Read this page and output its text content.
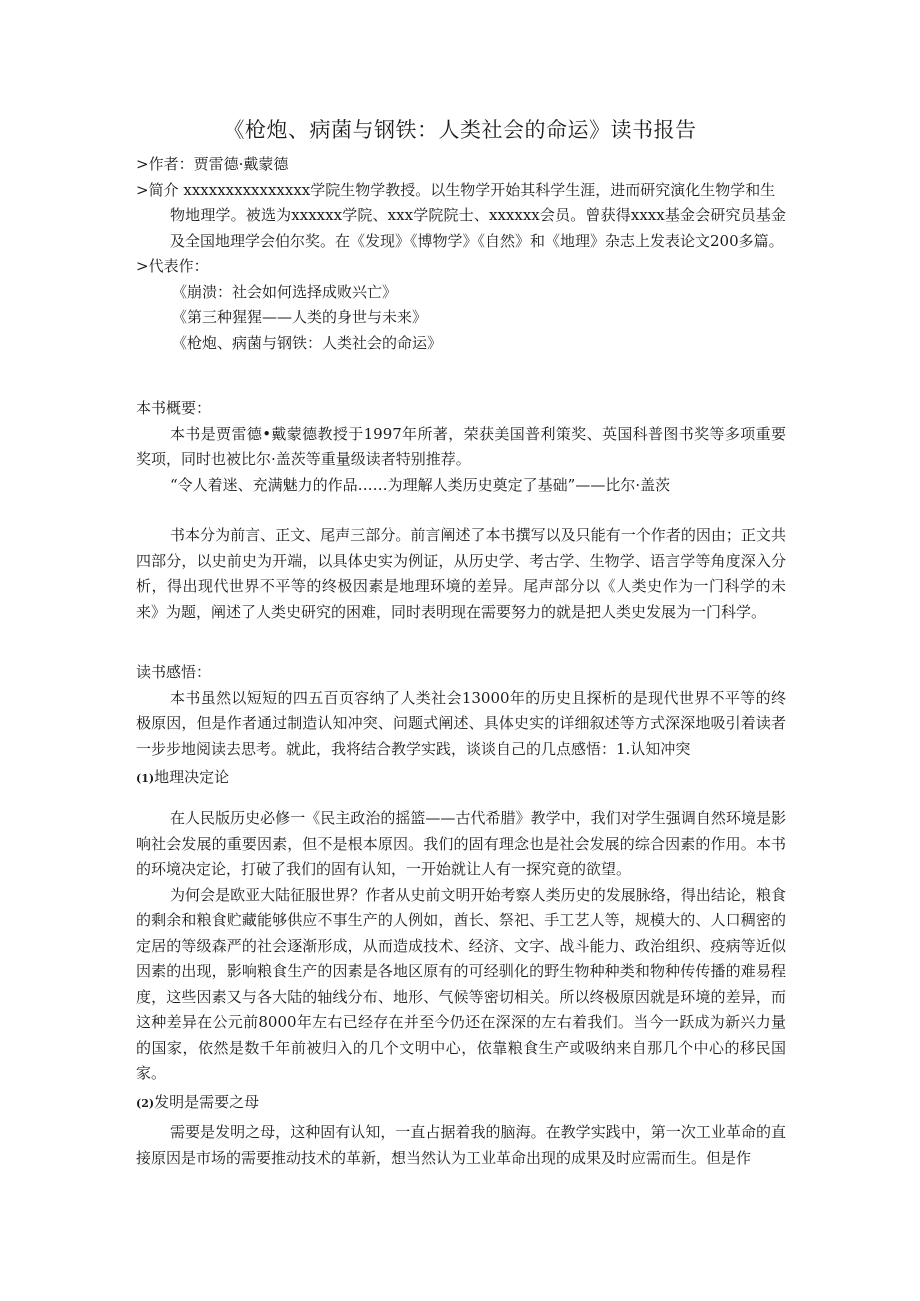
《枪炮、病菌与钢铁：人类社会的命运》读书报告
>作者：贾雷德·戴蒙德
>简介 xxxxxxxxxxxxxxx学院生物学教授。以生物学开始其科学生涯，进而研究演化生物学和生
物地理学。被选为xxxxxx学院、xxx学院院士、xxxxxx会员。曾获得xxxx基金会研究员基金及全国地理学会伯尔奖。在《发现》《博物学》《自然》和《地理》杂志上发表论文200多篇。
>代表作：
《崩溃：社会如何选择成败兴亡》
《第三种猩猩——人类的身世与未来》
《枪炮、病菌与钢铁：人类社会的命运》

本书概要：

本书是贾雷德•戴蒙德教授于1997年所著，荣获美国普利策奖、英国科普图书奖等多项重要奖项，同时也被比尔·盖茨等重量级读者特别推荐。

“令人着迷、充满魅力的作品……为理解人类历史奠定了基础”——比尔·盖茨

书本分为前言、正文、尾声三部分。前言阐述了本书撰写以及只能有一个作者的因由；正文共四部分，以史前史为开端，以具体史实为例证，从历史学、考古学、生物学、语言学等角度深入分析，得出现代世界不平等的终极因素是地理环境的差异。尾声部分以《人类史作为一门科学的未来》为题，阐述了人类史研究的困难，同时表明现在需要努力的就是把人类史发展为一门科学。

读书感悟：

本书虽然以短短的四五百页容纳了人类社会13000年的历史且探析的是现代世界不平等的终极原因，但是作者通过制造认知冲突、问题式阐述、具体史实的详细叙述等方式深深地吸引着读者一步步地阅读去思考。就此，我将结合教学实践，谈谈自己的几点感悟：1.认知冲突

(1)地理决定论

在人民版历史必修一《民主政治的摇篮——古代希腊》教学中，我们对学生强调自然环境是影响社会发展的重要因素，但不是根本原因。我们的固有理念也是社会发展的综合因素的作用。本书的环境决定论，打破了我们的固有认知，一开始就让人有一探究竟的欲望。

为何会是欧亚大陆征服世界？作者从史前文明开始考察人类历史的发展脉络，得出结论，粮食的剩余和粮食贮藏能够供应不事生产的人例如，酋长、祭祀、手工艺人等，规模大的、人口稠密的定居的等级森严的社会逐渐形成，从而造成技术、经济、文字、战斗能力、政治组织、疫病等近似因素的出现，影响粮食生产的因素是各地区原有的可经驯化的野生物种种类和物种传传播的难易程度，这些因素又与各大陆的轴线分布、地形、气候等密切相关。所以终极原因就是环境的差异，而这种差异在公元前8000年左右已经存在并至今仍还在深深的左右着我们。当今一跃成为新兴力量的国家，依然是数千年前被归入的几个文明中心，依靠粮食生产或吸纳来自那几个中心的移民国家。

(2)发明是需要之母

需要是发明之母，这种固有认知，一直占据着我的脑海。在教学实践中，第一次工业革命的直接原因是市场的需要推动技术的革新，想当然认为工业革命出现的成果及时应需而生。但是作
